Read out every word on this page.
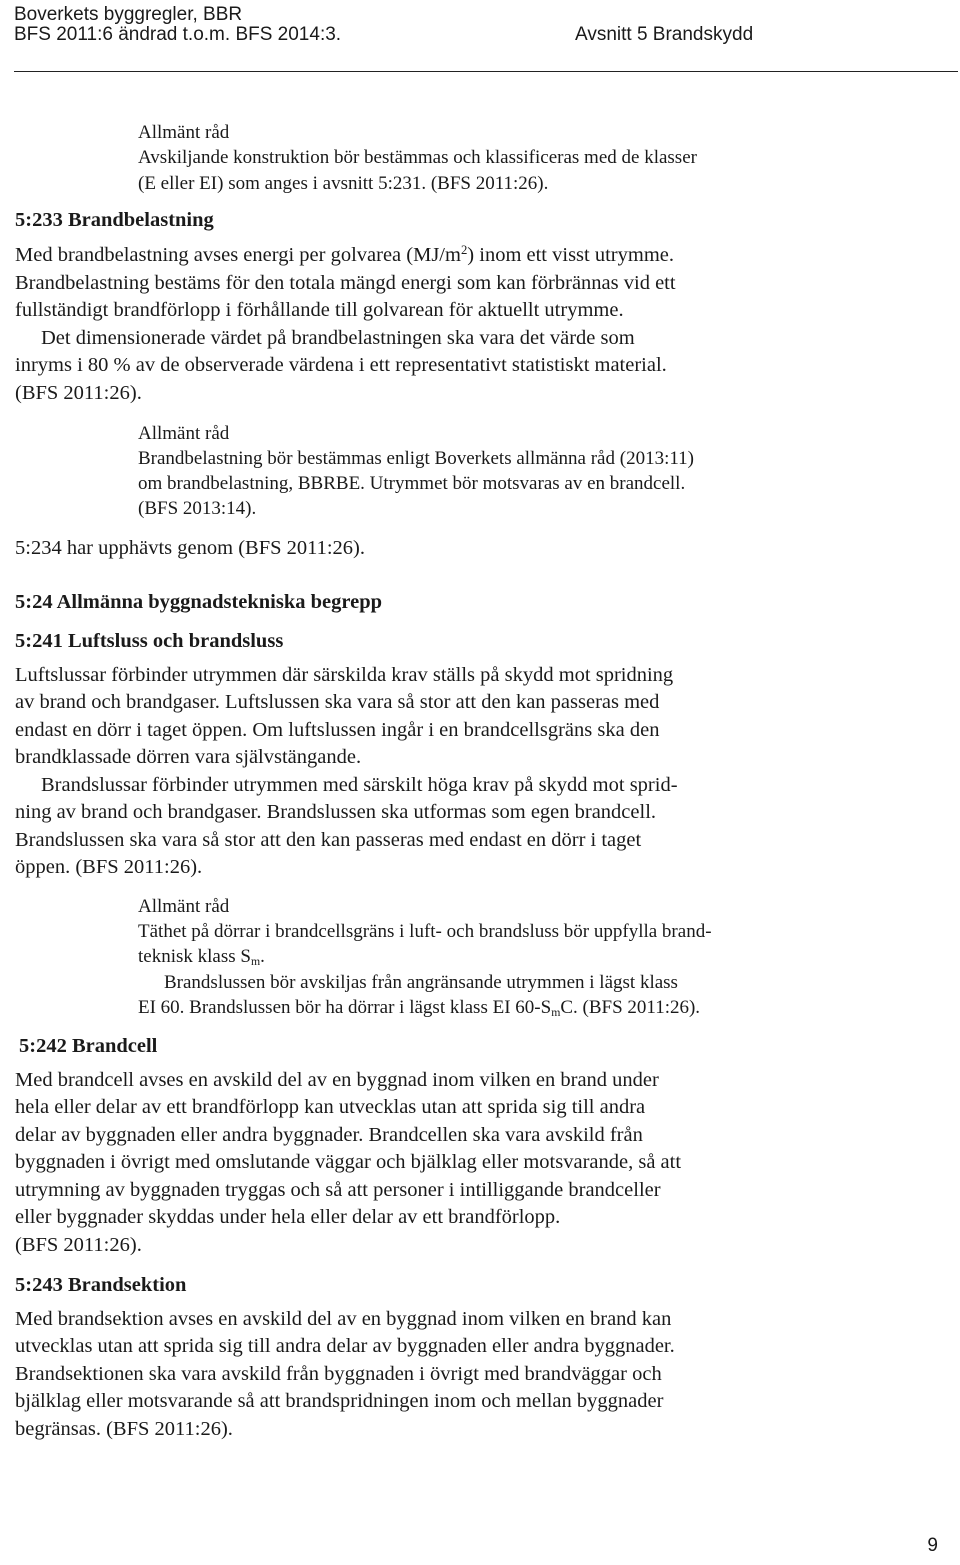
Boverkets byggregler, BBR
BFS 2011:6 ändrad t.o.m. BFS 2014:3.	Avsnitt 5 Brandskydd
Allmänt råd
Avskiljande konstruktion bör bestämmas och klassificeras med de klasser
(E eller EI) som anges i avsnitt 5:231. (BFS 2011:26).
5:233 Brandbelastning
Med brandbelastning avses energi per golvarea $(MJ/m^2)$ inom ett visst utrymme.
Brandbelastning bestäms för den totala mängd energi som kan förbrännas vid ett
fullständigt brandförlopp i förhållande till golvarean för aktuellt utrymme.
Det dimensionerade värdet på brandbelastningen ska vara det värde som
inryms i 80 % av de observerade värdena i ett representativt statistiskt material.
(BFS 2011:26).
Allmänt råd
Brandbelastning bör bestämmas enligt Boverkets allmänna råd (2013:11)
om brandbelastning, BBRBE. Utrymmet bör motsvaras av en brandcell.
(BFS 2013:14).
5:234 har upphävts genom (BFS 2011:26).
5:24 Allmänna byggnadstekniska begrepp
5:241 Luftsluss och brandsluss
Luftslussar förbinder utrymmen där särskilda krav ställs på skydd mot spridning
av brand och brandgaser. Luftslussen ska vara så stor att den kan passeras med
endast en dörr i taget öppen. Om luftslussen ingår i en brandcellsgräns ska den
brandklassade dörren vara självstängande.
Brandslussar förbinder utrymmen med särskilt höga krav på skydd mot sprid-
ning av brand och brandgaser. Brandslussen ska utformas som egen brandcell.
Brandslussen ska vara så stor att den kan passeras med endast en dörr i taget
öppen. (BFS 2011:26).
Allmänt råd
Täthet på dörrar i brandcellsgräns i luft- och brandsluss bör uppfylla brand-
teknisk klass $S_m$.
Brandslussen bör avskiljas från angränsande utrymmen i lägst klass
EI 60. Brandslussen bör ha dörrar i lägst klass EI $60-S_mC$. (BFS 2011:26).
5:242 Brandcell
Med brandcell avses en avskild del av en byggnad inom vilken en brand under
hela eller delar av ett brandförlopp kan utvecklas utan att sprida sig till andra
delar av byggnaden eller andra byggnader. Brandcellen ska vara avskild från
byggnaden i övrigt med omslutande väggar och bjälklag eller motsvarande, så att
utrymning av byggnaden tryggas och så att personer i intilliggande brandceller
eller byggnader skyddas under hela eller delar av ett brandförlopp.
(BFS 2011:26).
5:243 Brandsektion
Med brandsektion avses en avskild del av en byggnad inom vilken en brand kan
utvecklas utan att sprida sig till andra delar av byggnaden eller andra byggnader.
Brandsektionen ska vara avskild från byggnaden i övrigt med brandväggar och
bjälklag eller motsvarande så att brandspridningen inom och mellan byggnader
begränsas. (BFS 2011:26).
9
